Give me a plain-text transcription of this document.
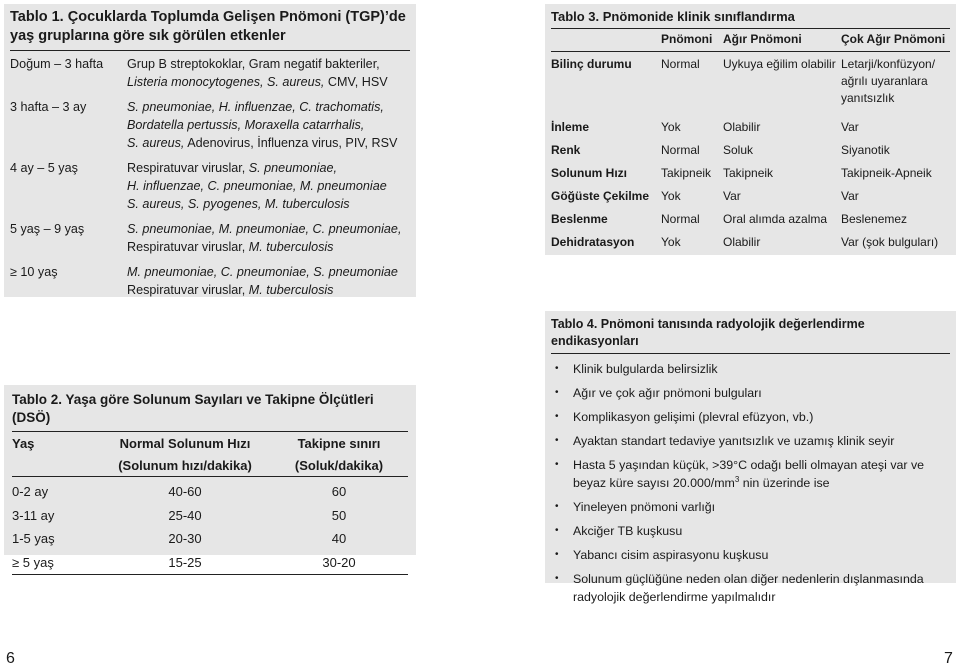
Tablo 1. Çocuklarda Toplumda Gelişen Pnömoni (TGP)’de
yaş gruplarına göre sık görülen etkenler
Doğum – 3 hafta	Grup B streptokoklar, Gram negatif bakteriler,
Listeria monocytogenes, S. aureus, CMV, HSV
3 hafta – 3 ay	S. pneumoniae, H. influenzae, C. trachomatis,
Bordatella pertussis, Moraxella catarrhalis,
S. aureus, Adenovirus, İnfluenza virus, PIV, RSV
4 ay – 5 yaş	Respiratuvar viruslar, S. pneumoniae,
H. influenzae, C. pneumoniae, M. pneumoniae
S. aureus, S. pyogenes, M. tuberculosis
5 yaş – 9 yaş	S. pneumoniae, M. pneumoniae, C. pneumoniae,
Respiratuvar viruslar, M. tuberculosis
≥ 10 yaş	M. pneumoniae, C. pneumoniae, S. pneumoniae
Respiratuvar viruslar, M. tuberculosis
Tablo 2. Yaşa göre Solunum Sayıları ve Takipne Ölçütleri (DSÖ)
Yaş	Normal Solunum Hızı	Takipne sınırı
	(Solunum hızı/dakika)	(Soluk/dakika)

0-2 ay	40-60	60
3-11 ay	25-40	50
1-5 yaş	20-30	40
≥ 5 yaş	15-25	30-20
Tablo 3. Pnömonide klinik sınıflandırma
	Pnömoni	Ağır Pnömoni	Çok Ağır Pnömoni

Bilinç durumu	Normal	Uykuya eğilim olabilir	Letarji/konfüzyon/ ağrılı uyaranlara yanıtsızlık
İnleme	Yok	Olabilir	Var
Renk	Normal	Soluk	Siyanotik
Solunum Hızı	Takipneik	Takipneik	Takipneik-Apneik
Göğüste Çekilme	Yok	Var	Var
Beslenme	Normal	Oral alımda azalma	Beslenemez
Dehidratasyon	Yok	Olabilir	Var (şok bulguları)
Tablo 4. Pnömoni tanısında radyolojik değerlendirme endikasyonları
• Klinik bulgularda belirsizlik
• Ağır ve çok ağır pnömoni bulguları
• Komplikasyon gelişimi (plevral efüzyon, vb.)
• Ayaktan standart tedaviye yanıtsızlık ve uzamış klinik seyir
• Hasta 5 yaşından küçük, >39°C odağı belli olmayan ateşi var ve beyaz küre sayısı $20.000/mm^3$ nin üzerinde ise
• Yineleyen pnömoni varlığı
• Akciğer TB kuşkusu
• Yabancı cisim aspirasyonu kuşkusu
• Solunum güçlüğüne neden olan diğer nedenlerin dışlanmasında radyolojik değerlendirme yapılmalıdır
6	7
